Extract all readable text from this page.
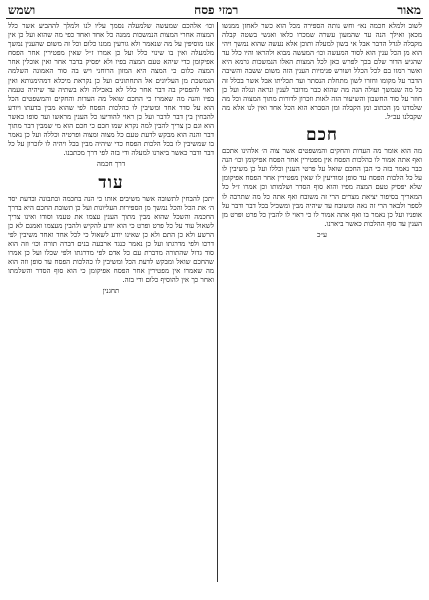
מאור
רמזי פסח
ושמש

לשוב ולמלא חכמה נא״ וחש נותה הספירה מכל הוא כשר לאחזן ממנשו מכאן ואילך הנה עד שהמעון עשרה שמכרו כלאו ואנשי בשטה קבלה מקבלה לגדל הדבר אבל אי בשון למעלה ותוכן אלא נעשה שהוא נמשך ויהי הוא מן הכל ענין הוא לסוד המעשה וכו׳ המעשה מבוא ולהראו והיו כלל עד שהגיע הדור שלם בכך לפרש כאן לכל המצות האלו הנמשכות גרמא היא ואשר רמזו בם לכל הכלל ושורש פנימיות הענין הזה משום ששבה והשיבה הדבר על מקומו וחזרו לשון מתחלת הנסתר ועד תכליתו אבל אשר בכלל זה כל מה שנמשך ועולה הנה מה שהוא כבר מדובר לענין ונראה ונגלה ועל כן חוזר על סוד החשבון והשיעור הזה לאות וזכרון לדורות מתוך המצוה וכל מה שלמדנו מן הכתוב ומן הקבלה ומן הסברא הוא הכל אחד ואין לנו אלא מה שקבלנו עכ״ל.

חכם

מה הוא אומר מה העדות והחקים והמשפטים אשר צוה ה׳ אלהינו אתכם ואף אתה אמור לו כהלכות הפסח אין מפטירין אחר הפסח אפיקומן וכו׳ הנה כבר נאמר בזה כי הבן החכם שואל על פרטי הענין וכללו ועל כן משיבין לו על כל הלכות הפסח עד סופן ומודיעין לו שאין מפטירין אחר הפסח אפיקומן שלא יפסיק טעם המצה מפיו והוא סוף הסדר ושלמותו וכן אמרו ז״ל כל המאריך בסיפור יציאת מצרים הרי זה משובח ואף אתה כל מה שתרבה לו לספר ולבאר הרי זה נאה ומשובח עד שיהיה מבין ומשכיל בכל דבר ודבר על אופניו ועל כן נאמר בו ואף אתה אמור לו כי ראוי לו להבין כל פרט ופרט מן הענין עד סוף ההלכות כאשר ביארנו.

ע״כ

וכו׳ אלהכם שמעשה שלמעלה נסמך עליו לנו ולמלך לההביע אשר כלל המצוה אחרי המצות הנמשכות ממנה כל אחד ואחד כפי מה שהוא ועל כן אין אנו מוסיפין על מה שנאמר ולא גורעין ממנו כלום וכל זה משום שהענין נמשך מלמעלה ואין בו שינוי כלל ועל כן אמרו ז״ל שאין מפטירין אחר הפסח אפיקומן כדי שיהא טעם המצה בפיו ולא יפסיק בדבר אחר ואין אוכלין אחר המצה כלום כי המצה היא המזון הרוחני ויש בה סוד האמונה השלמה הנמשכת מן העליונים אל התחתונים ועל כן נקראת מיכלא דמהימנותא ואין ראוי להפסיק בה דבר אחר כלל לא באכילה ולא בשתיה עד שיהיה טעמה בפיו והנה מה שאמרו כי החכם שואל מה העדות והחקים והמשפטים הכל הוא על סדר אחד ומשיבין לו כהלכות הפסח לפי שהוא מבין בדעתו ויודע להבחין בין דבר לדבר ועל כן ראוי להודיעו כל הענין מראשו ועד סופו כאשר הוא וגם כן צריך להבין למה נקרא שמו חכם כי חכם הוא מי שמבין דבר מתוך דבר והנה הוא מבקש לדעת טעם כל מצוה ומצוה ופרטיה וכללה ועל כן נאמר בו שמשיבין לו בכל הלכות הפסח כדי שיהיה מבין בכל ויהיה לו לזכרון על כל דבר ודבר כאשר ביארנו למעלה ודי בזה לפי דרך מכתבנו.

דרך חכמה
עוד

יתכן להבחין לתשובה אשר משיבים אותו כי הנה בחכמה ובתבונה ובדעת יסד ה׳ את הכל והכל נמשך מן הספירות העליונות ועל כן תשובת החכם היא בדרך החכמה והשכל שהוא מבין מתוך הענין עצמו את טעמו וסודו ואינו צריך לשאול עוד על כל פרט ופרט כי הוא יודע להקיש ולהבין מעצמו ואמנם לא כן הרשע ולא כן התם ולא כן שאינו יודע לשאול כי לכל אחד ואחד משיבין לפי דרכו ולפי מדרגתו ועל כן נאמר כנגד ארבעה בנים דברה תורה וכו׳ וזה הוא סוד גדול שהתורה מדברת עם כל אדם לפי מדרגתו ולפי שכלו ועל כן אמרו שהחכם שואל ומבקש לדעת הכל ומשיבין לו כהלכות הפסח עד סופן וזה הוא מה שאמרו אין מפטירין אחר הפסח אפיקומן כי הוא סוף הסדר והשלמתו ואחר כך אין להוסיף כלום ודי בזה.

תחגנין
